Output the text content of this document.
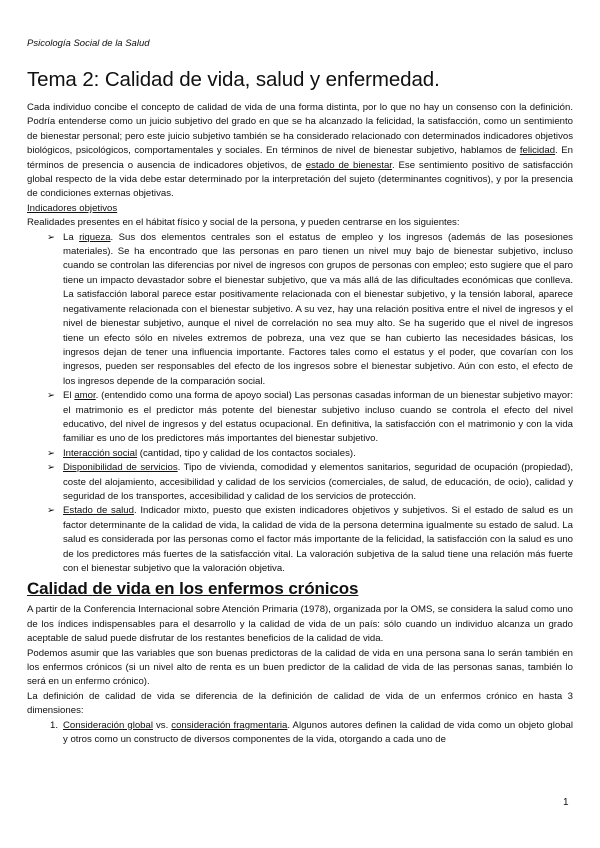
Psicología Social de la Salud
Tema 2: Calidad de vida, salud y enfermedad.

Cada individuo concibe el concepto de calidad de vida de una forma distinta, por lo que no hay un consenso con la definición. Podría entenderse como un juicio subjetivo del grado en que se ha alcanzado la felicidad, la satisfacción, como un sentimiento de bienestar personal; pero este juicio subjetivo también se ha considerado relacionado con determinados indicadores objetivos biológicos, psicológicos, comportamentales y sociales. En términos de nivel de bienestar subjetivo, hablamos de felicidad. En términos de presencia o ausencia de indicadores objetivos, de estado de bienestar. Ese sentimiento positivo de satisfacción global respecto de la vida debe estar determinado por la interpretación del sujeto (determinantes cognitivos), y por la presencia de condiciones externas objetivas.

Indicadores objetivos

Realidades presentes en el hábitat físico y social de la persona, y pueden centrarse en los siguientes:

➢ La riqueza. Sus dos elementos centrales son el estatus de empleo y los ingresos (además de las posesiones materiales). Se ha encontrado que las personas en paro tienen un nivel muy bajo de bienestar subjetivo, incluso cuando se controlan las diferencias por nivel de ingresos con grupos de personas con empleo; esto sugiere que el paro tiene un impacto devastador sobre el bienestar subjetivo, que va más allá de las dificultades económicas que conlleva. La satisfacción laboral parece estar positivamente relacionada con el bienestar subjetivo, y la tensión laboral, aparece negativamente relacionada con el bienestar subjetivo. A su vez, hay una relación positiva entre el nivel de ingresos y el nivel de bienestar subjetivo, aunque el nivel de correlación no sea muy alto. Se ha sugerido que el nivel de ingresos tiene un efecto sólo en niveles extremos de pobreza, una vez que se han cubierto las necesidades básicas, los ingresos dejan de tener una influencia importante. Factores tales como el estatus y el poder, que covarían con los ingresos, pueden ser responsables del efecto de los ingresos sobre el bienestar subjetivo. Aún con esto, el efecto de los ingresos depende de la comparación social.
➢ El amor. (entendido como una forma de apoyo social) Las personas casadas informan de un bienestar subjetivo mayor: el matrimonio es el predictor más potente del bienestar subjetivo incluso cuando se controla el efecto del nivel educativo, del nivel de ingresos y del estatus ocupacional. En definitiva, la satisfacción con el matrimonio y con la vida familiar es uno de los predictores más importantes del bienestar subjetivo.
➢ Interacción social (cantidad, tipo y calidad de los contactos sociales).
➢ Disponibilidad de servicios. Tipo de vivienda, comodidad y elementos sanitarios, seguridad de ocupación (propiedad), coste del alojamiento, accesibilidad y calidad de los servicios (comerciales, de salud, de educación, de ocio), calidad y seguridad de los transportes, accesibilidad y calidad de los servicios de protección.
➢ Estado de salud. Indicador mixto, puesto que existen indicadores objetivos y subjetivos. Si el estado de salud es un factor determinante de la calidad de vida, la calidad de vida de la persona determina igualmente su estado de salud. La salud es considerada por las personas como el factor más importante de la felicidad, la satisfacción con la salud es uno de los predictores más fuertes de la satisfacción vital. La valoración subjetiva de la salud tiene una relación más fuerte con el bienestar subjetivo que la valoración objetiva.
Calidad de vida en los enfermos crónicos

A partir de la Conferencia Internacional sobre Atención Primaria (1978), organizada por la OMS, se considera la salud como uno de los índices indispensables para el desarrollo y la calidad de vida de un país: sólo cuando un individuo alcanza un grado aceptable de salud puede disfrutar de los restantes beneficios de la calidad de vida.

Podemos asumir que las variables que son buenas predictoras de la calidad de vida en una persona sana lo serán también en los enfermos crónicos (si un nivel alto de renta es un buen predictor de la calidad de vida de las personas sanas, también lo será en un enfermo crónico).

La definición de calidad de vida se diferencia de la definición de calidad de vida de un enfermos crónico en hasta 3 dimensiones:

1. Consideración global vs. consideración fragmentaria. Algunos autores definen la calidad de vida como un objeto global y otros como un constructo de diversos componentes de la vida, otorgando a cada uno de
1
